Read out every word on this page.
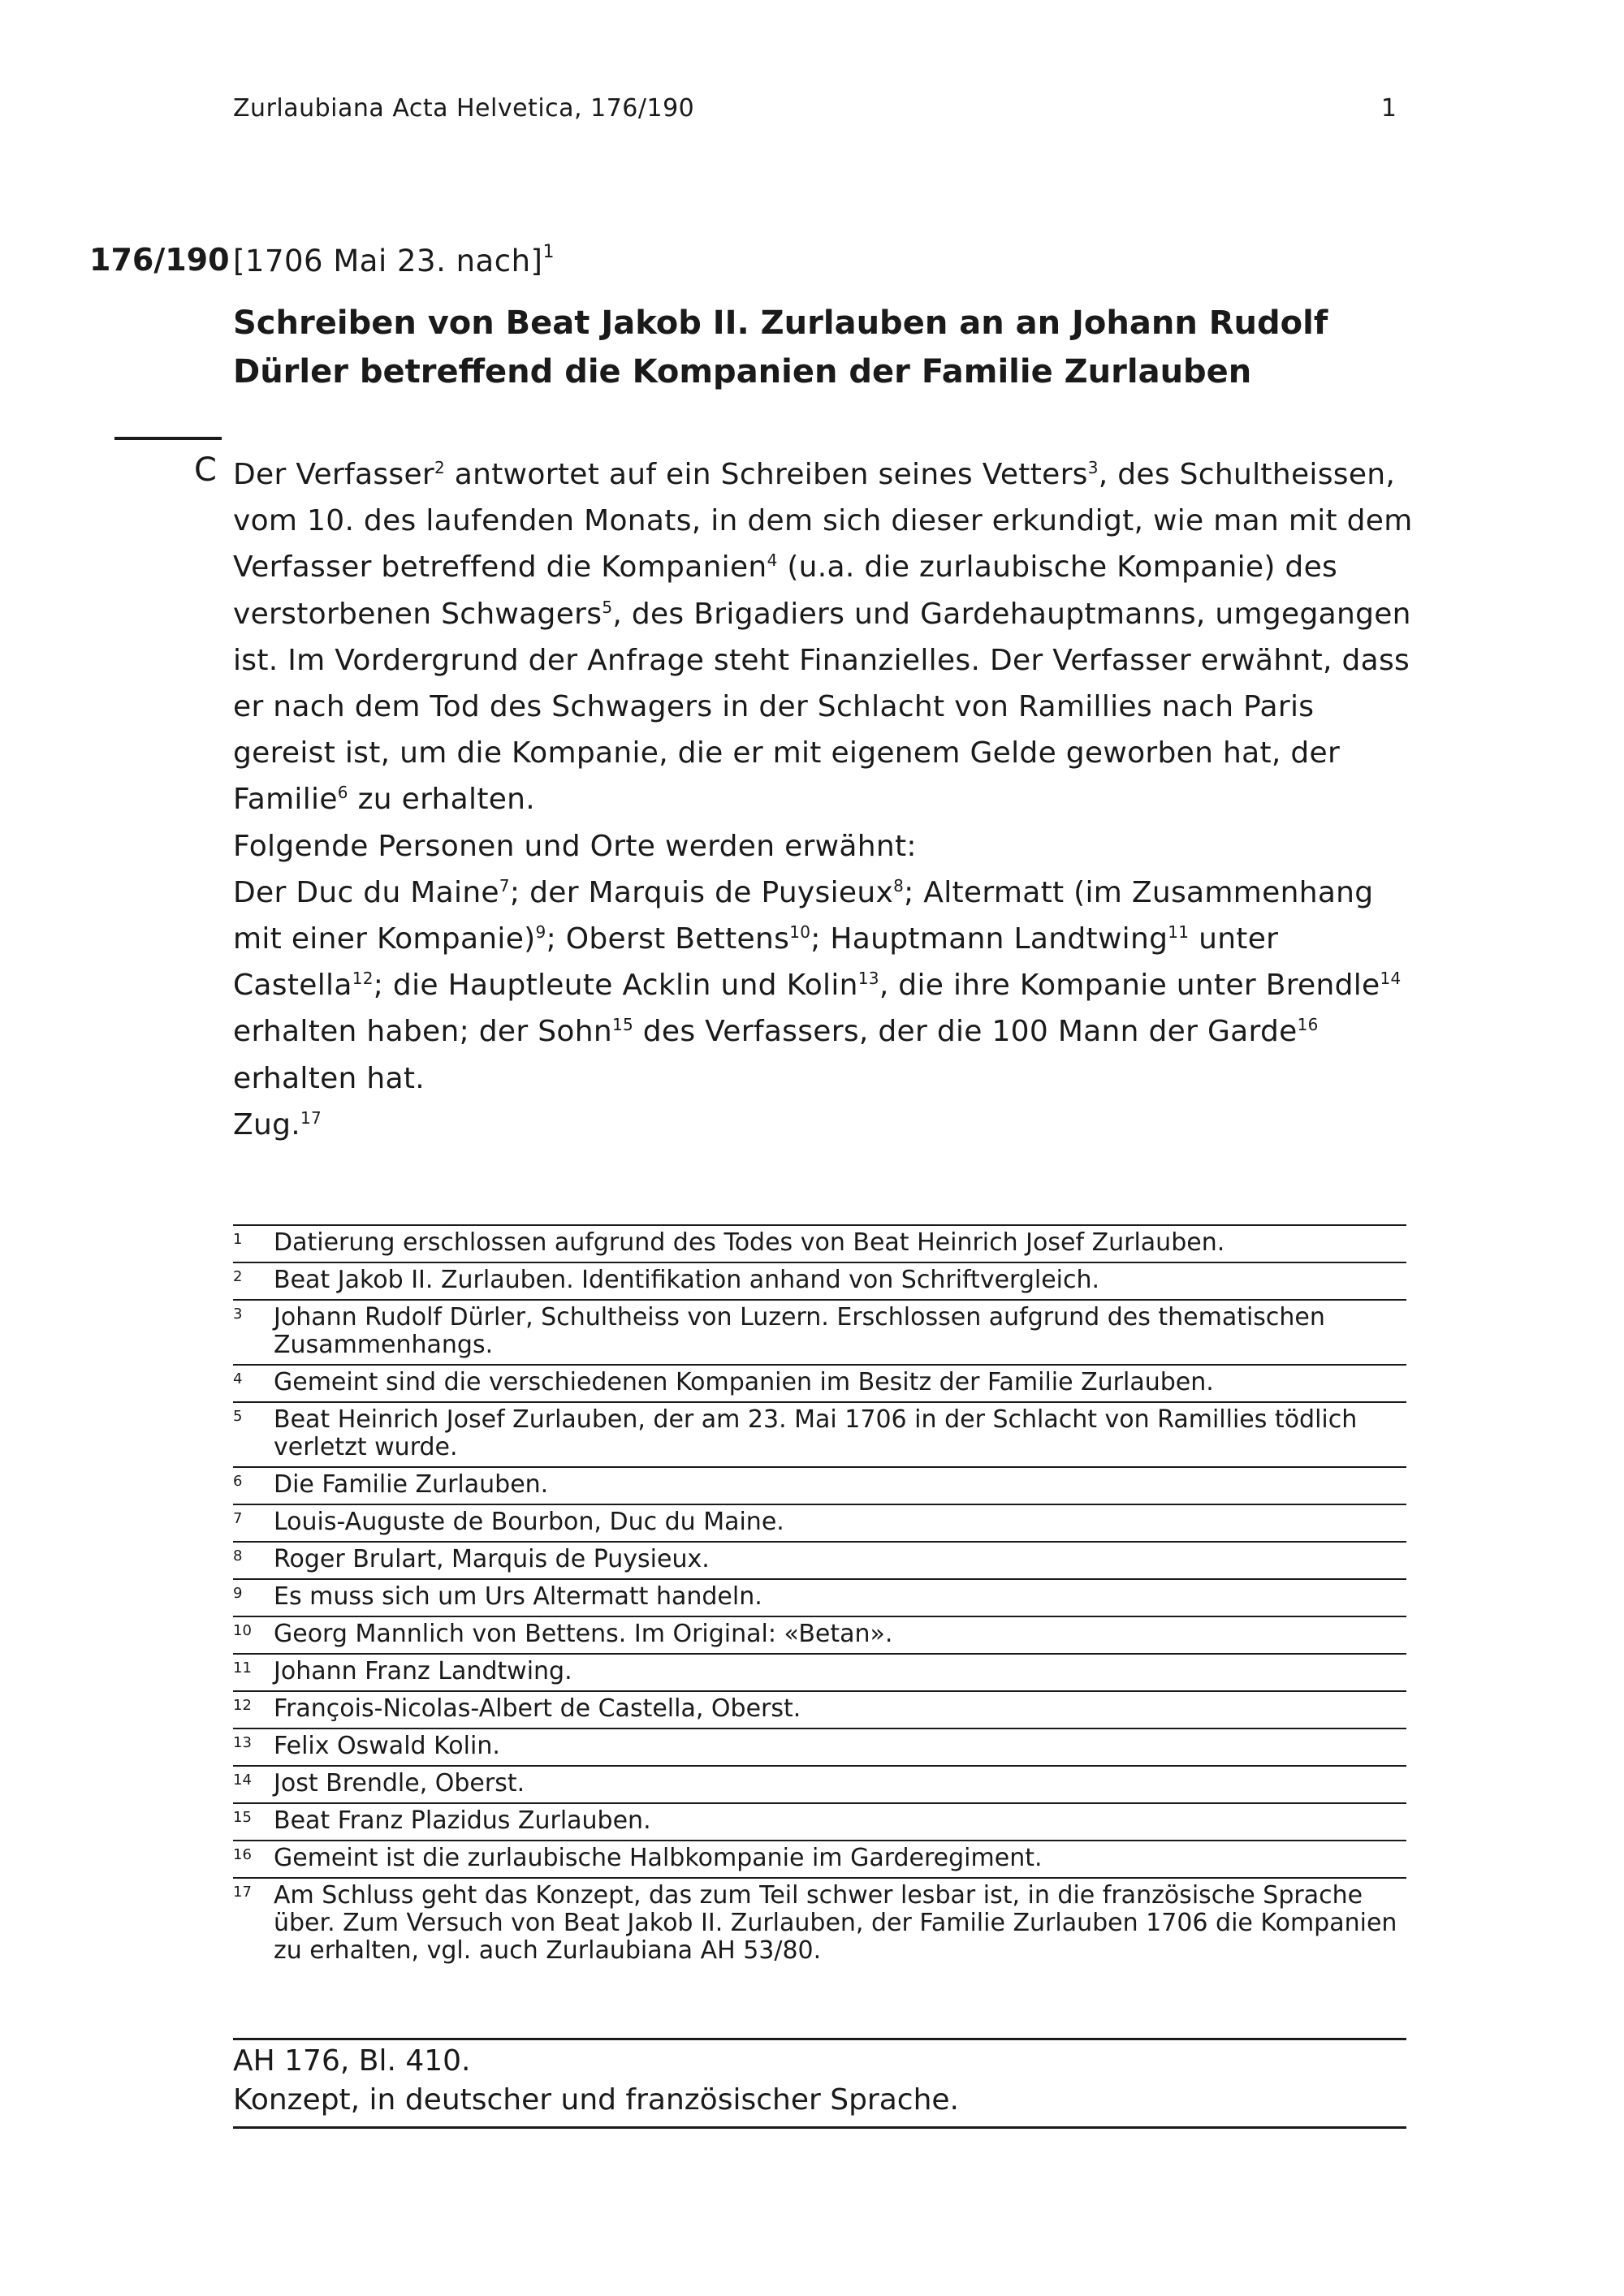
Zurlaubiana Acta Helvetica, 176/190	1
176/190 [1706 Mai 23. nach]$^1$
Schreiben von Beat Jakob II. Zurlauben an an Johann Rudolf Dürler betreffend die Kompanien der Familie Zurlauben
C Der Verfasser$^2$ antwortet auf ein Schreiben seines Vetters$^3$, des Schultheissen, vom 10. des laufenden Monats, in dem sich dieser erkundigt, wie man mit dem Verfasser betreffend die Kompanien$^4$ (u.a. die zurlaubische Kompanie) des verstorbenen Schwagers$^5$, des Brigadiers und Gardehauptmanns, umgegangen ist. Im Vordergrund der Anfrage steht Finanzielles. Der Verfasser erwähnt, dass er nach dem Tod des Schwagers in der Schlacht von Ramillies nach Paris gereist ist, um die Kompanie, die er mit eigenem Gelde geworben hat, der Familie$^6$ zu erhalten.

Folgende Personen und Orte werden erwähnt:

Der Duc du Maine$^7$; der Marquis de Puysieux$^8$; Altermatt (im Zusammenhang mit einer Kompanie)$^9$; Oberst Bettens$^{10}$; Hauptmann Landtwing$^{11}$ unter Castella$^{12}$; die Hauptleute Acklin und Kolin$^{13}$, die ihre Kompanie unter Brendle$^{14}$ erhalten haben; der Sohn$^{15}$ des Verfassers, der die 100 Mann der Garde$^{16}$ erhalten hat.

Zug.$^{17}$

1	Datierung erschlossen aufgrund des Todes von Beat Heinrich Josef Zurlauben.
2	Beat Jakob II. Zurlauben. Identifikation anhand von Schriftvergleich.
3	Johann Rudolf Dürler, Schultheiss von Luzern. Erschlossen aufgrund des thematischen Zusammenhangs.
4	Gemeint sind die verschiedenen Kompanien im Besitz der Familie Zurlauben.
5	Beat Heinrich Josef Zurlauben, der am 23. Mai 1706 in der Schlacht von Ramillies tödlich verletzt wurde.
6	Die Familie Zurlauben.
7	Louis-Auguste de Bourbon, Duc du Maine.
8	Roger Brulart, Marquis de Puysieux.
9	Es muss sich um Urs Altermatt handeln.
10 Georg Mannlich von Bettens. Im Original: «Betan».
11 Johann Franz Landtwing.
12 François-Nicolas-Albert de Castella, Oberst.
13 Felix Oswald Kolin.
14 Jost Brendle, Oberst.
15 Beat Franz Plazidus Zurlauben.
16 Gemeint ist die zurlaubische Halbkompanie im Garderegiment.
17 Am Schluss geht das Konzept, das zum Teil schwer lesbar ist, in die französische Sprache über. Zum Versuch von Beat Jakob II. Zurlauben, der Familie Zurlauben 1706 die Kompanien zu erhalten, vgl. auch Zurlaubiana AH 53/80.
AH 176, Bl. 410.
Konzept, in deutscher und französischer Sprache.
